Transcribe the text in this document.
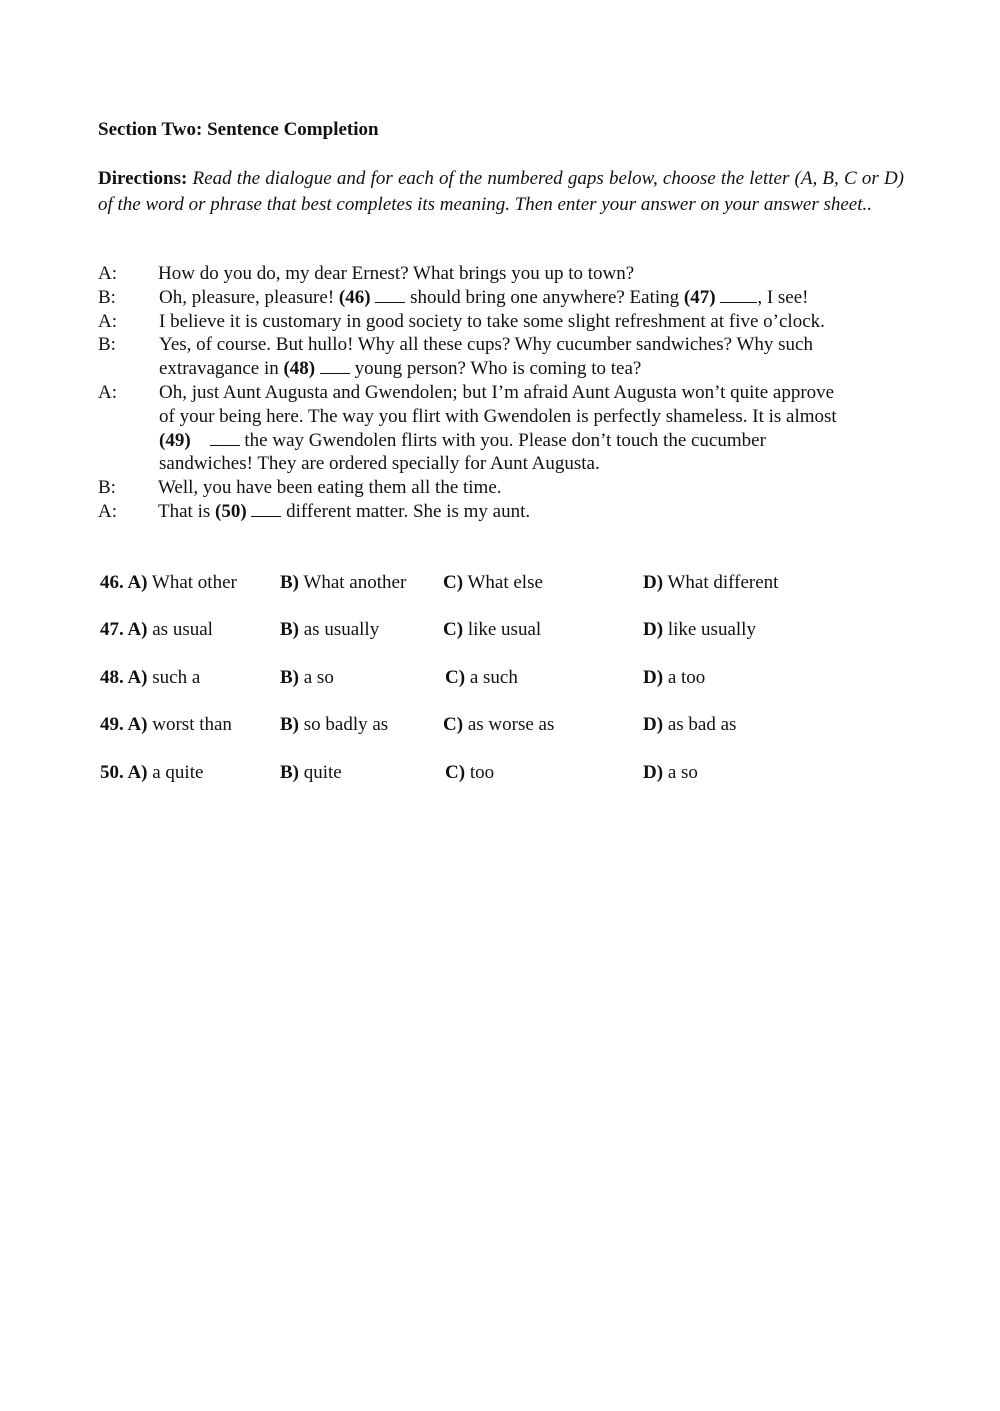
Section Two: Sentence Completion
Directions: Read the dialogue and for each of the numbered gaps below, choose the letter (A, B, C or D) of the word or phrase that best completes its meaning. Then enter your answer on your answer sheet..
A: How do you do, my dear Ernest? What brings you up to town?
B: Oh, pleasure, pleasure! (46)  should bring one anywhere? Eating (47) , I see!
A: I believe it is customary in good society to take some slight refreshment at five o’clock.
B: Yes, of course. But hullo! Why all these cups? Why cucumber sandwiches? Why such
extravagance in (48)  young person? Who is coming to tea?
A: Oh, just Aunt Augusta and Gwendolen; but I’m afraid Aunt Augusta won’t quite approve
of your being here. The way you flirt with Gwendolen is perfectly shameless. It is almost
(49)	the way Gwendolen flirts with you. Please don’t touch the cucumber
sandwiches! They are ordered specially for Aunt Augusta.
B: Well, you have been eating them all the time.
A: That is (50)  different matter. She is my aunt.
46. A) What other B) What another C) What else	D) What different
47. A) as usual	B) as usually	C) like usual	D) like usually
48. A) such a	B) a so	C) a such	D) a too
49. A) worst than	B) so badly as	C) as worse as	D) as bad as
50. A) a quite	B) quite	C) too	D) a so
